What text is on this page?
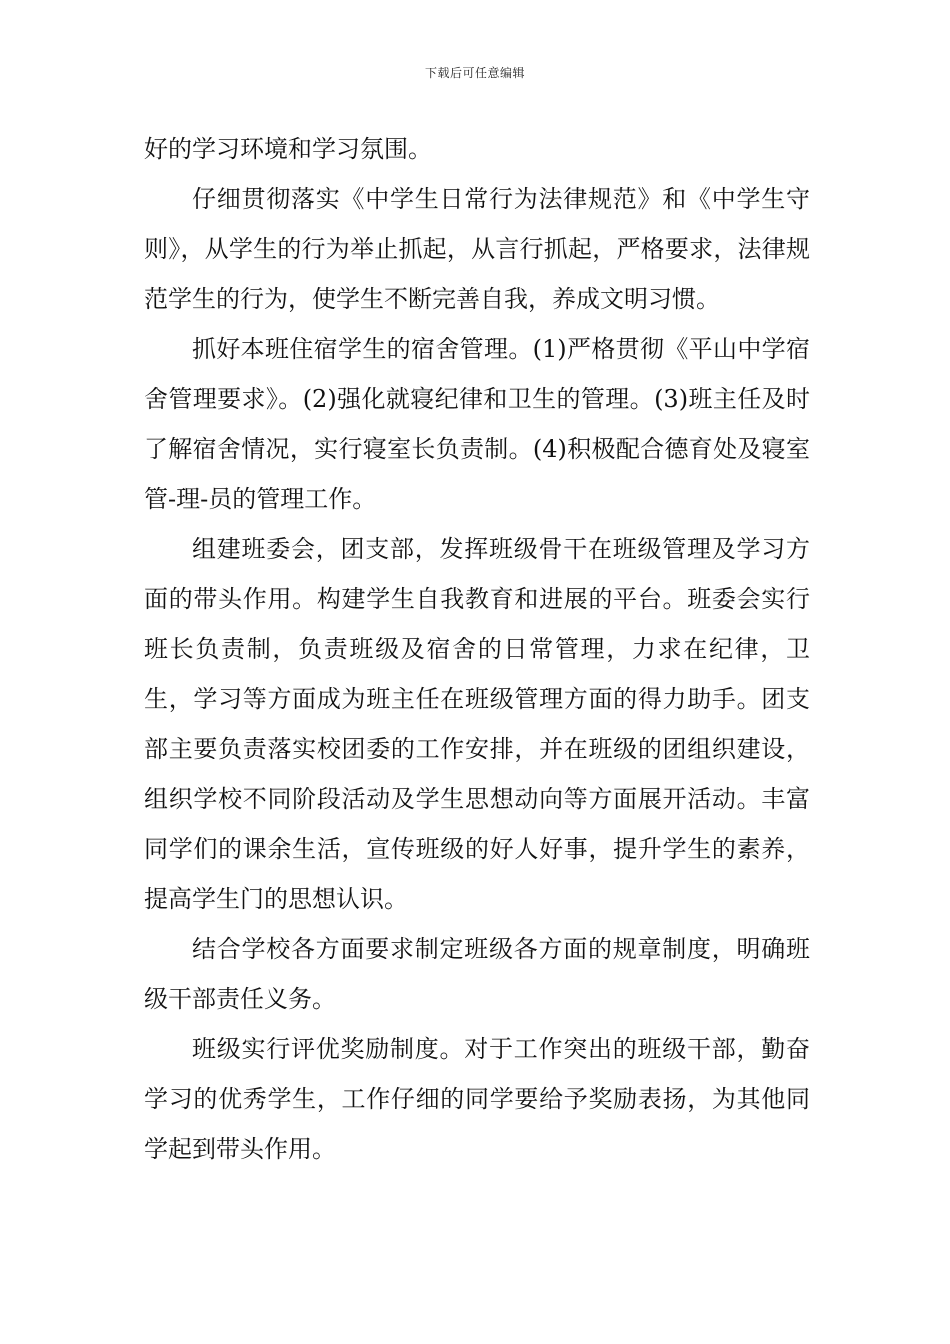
下载后可任意编辑

好的学习环境和学习氛围。

仔细贯彻落实《中学生日常行为法律规范》和《中学生守则》，从学生的行为举止抓起，从言行抓起，严格要求，法律规范学生的行为，使学生不断完善自我，养成文明习惯。

抓好本班住宿学生的宿舍管理。(1)严格贯彻《平山中学宿舍管理要求》。(2)强化就寝纪律和卫生的管理。(3)班主任及时了解宿舍情况，实行寝室长负责制。(4)积极配合德育处及寝室管-理-员的管理工作。

组建班委会，团支部，发挥班级骨干在班级管理及学习方面的带头作用。构建学生自我教育和进展的平台。班委会实行班长负责制，负责班级及宿舍的日常管理，力求在纪律，卫生，学习等方面成为班主任在班级管理方面的得力助手。团支部主要负责落实校团委的工作安排，并在班级的团组织建设，组织学校不同阶段活动及学生思想动向等方面展开活动。丰富同学们的课余生活，宣传班级的好人好事，提升学生的素养，提高学生门的思想认识。

结合学校各方面要求制定班级各方面的规章制度，明确班级干部责任义务。

班级实行评优奖励制度。对于工作突出的班级干部，勤奋学习的优秀学生，工作仔细的同学要给予奖励表扬，为其他同学起到带头作用。
